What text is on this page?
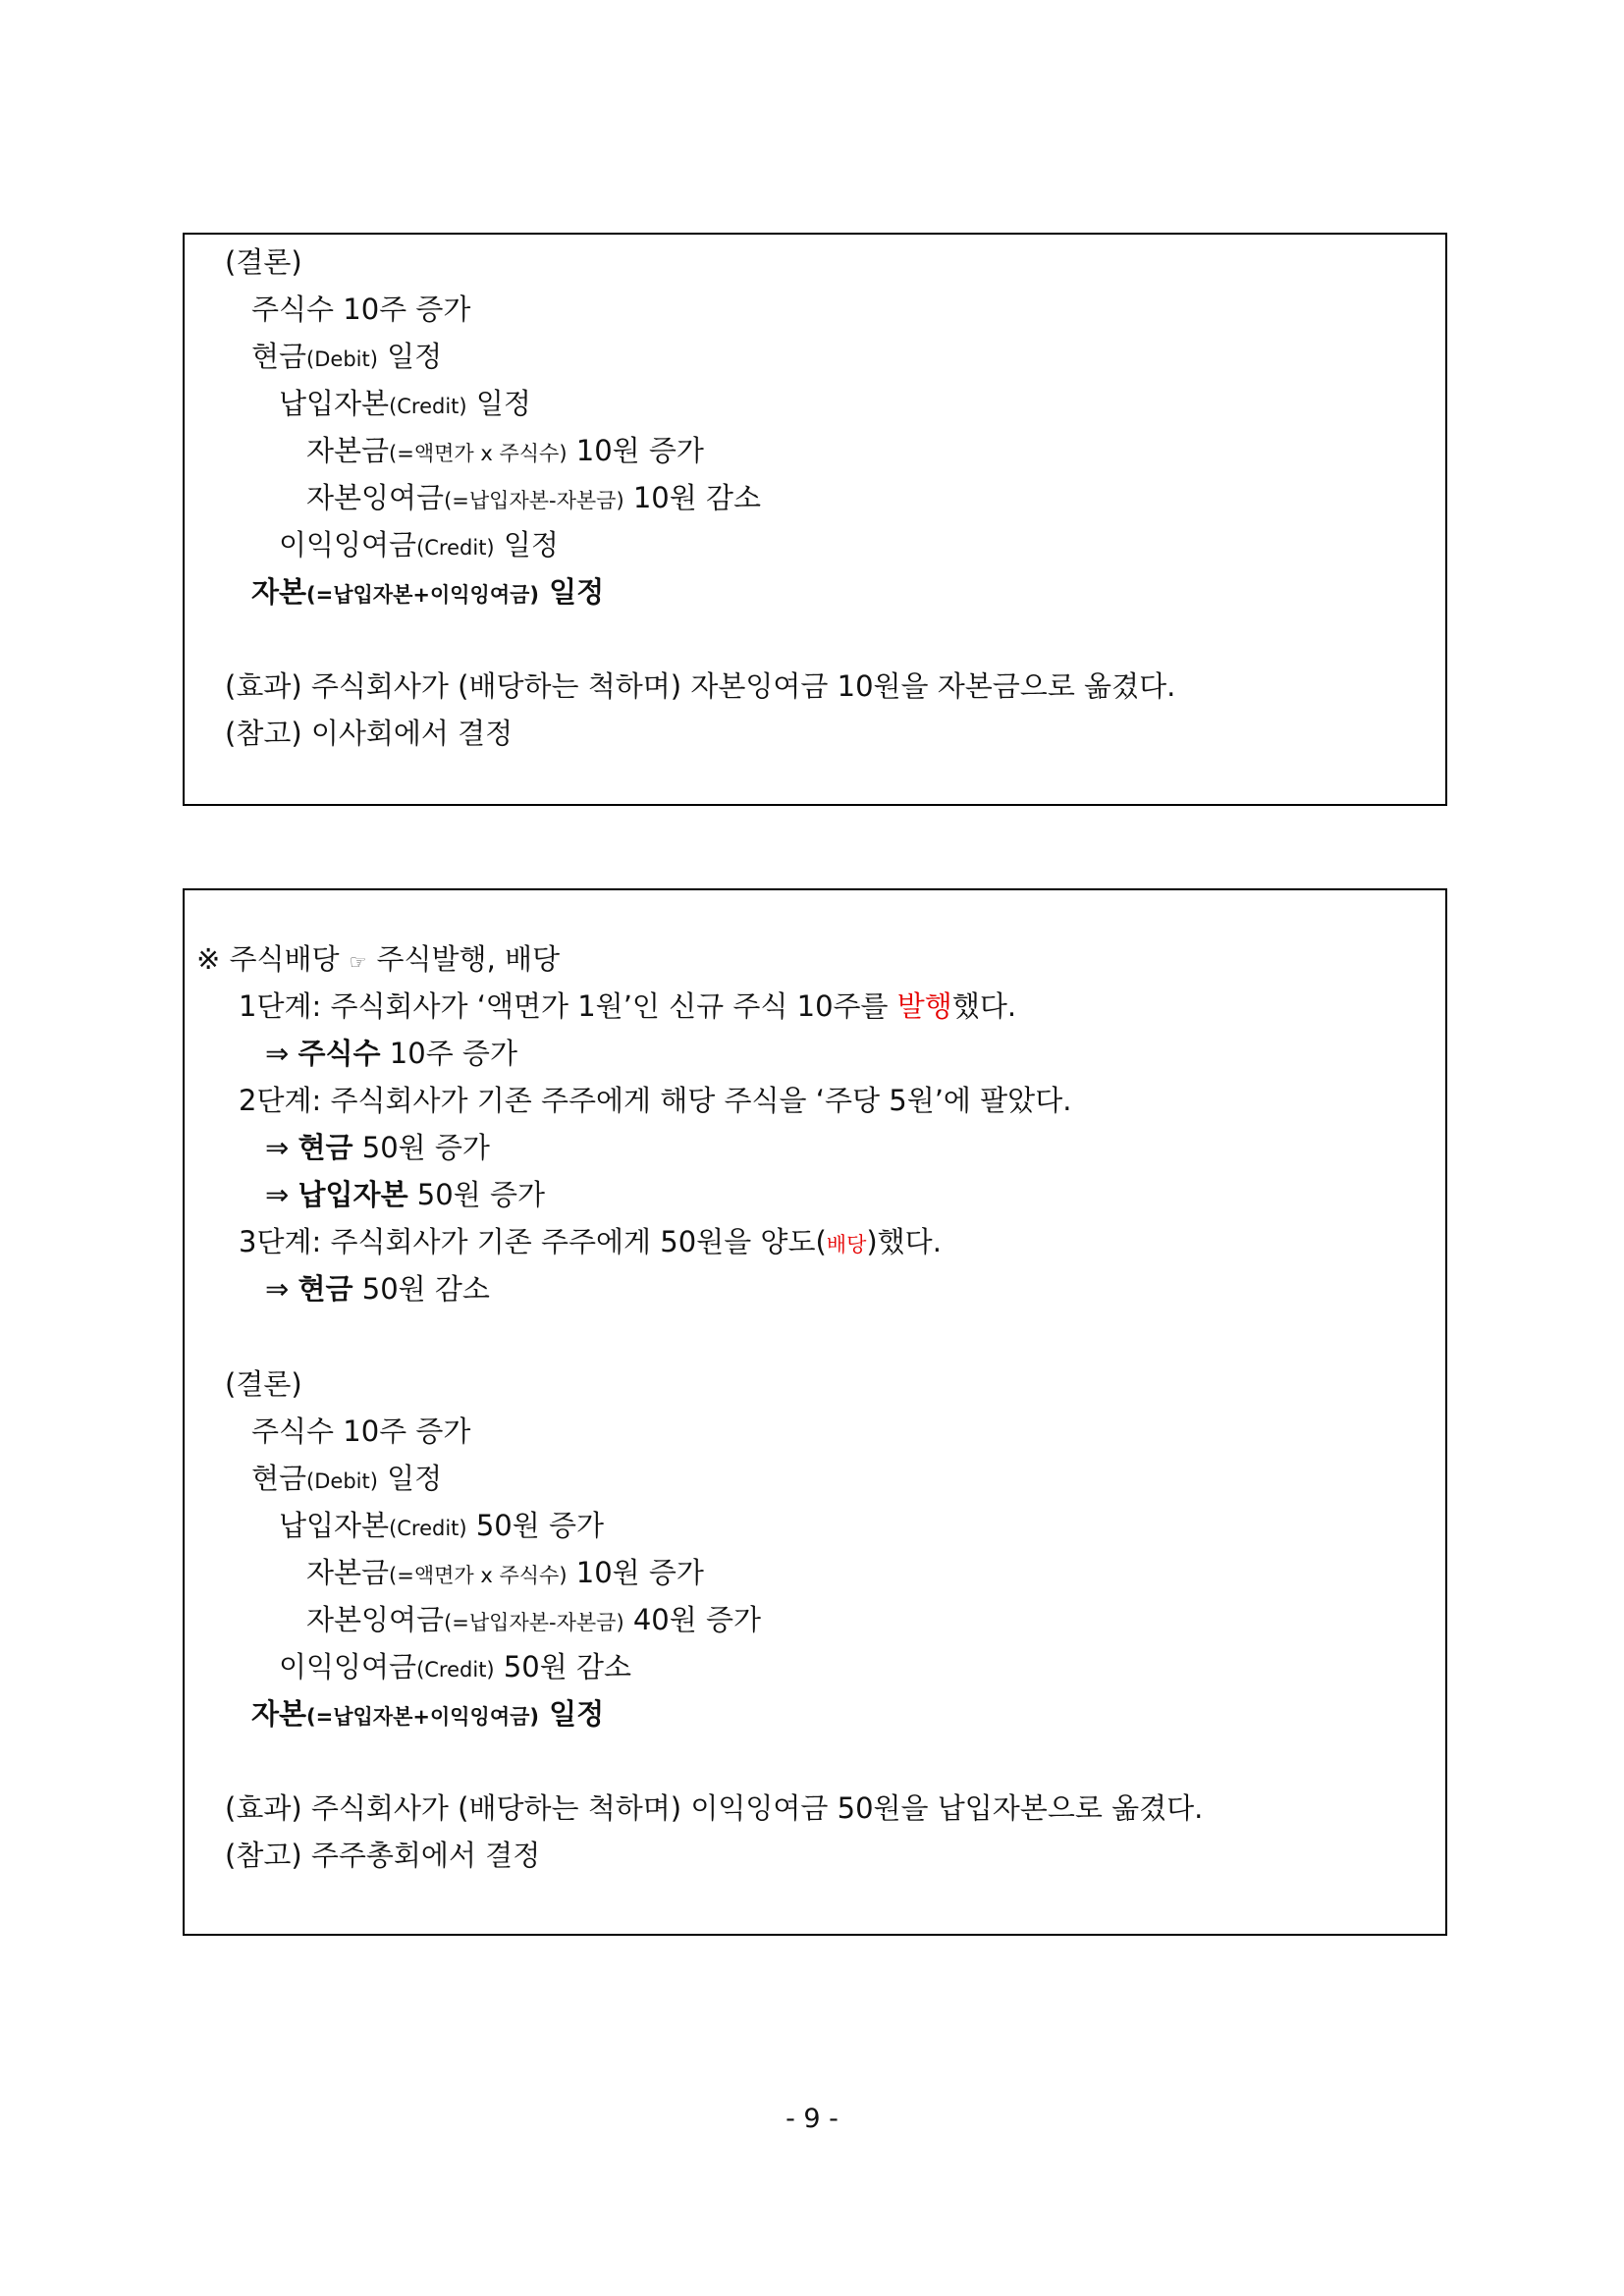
(결론)
주식수 10주 증가
현금(Debit) 일정
납입자본(Credit) 일정
자본금(=액면가 x 주식수) 10원 증가
자본잉여금(=납입자본-자본금) 10원 감소
이익잉여금(Credit) 일정
자본(=납입자본+이익잉여금) 일정
(효과) 주식회사가 (배당하는 척하며) 자본잉여금 10원을 자본금으로 옮겼다.
(참고) 이사회에서 결정
※ 주식배당 ☞ 주식발행, 배당
1단계: 주식회사가 ‘액면가 1원’인 신규 주식 10주를 발행했다.
⇒ 주식수 10주 증가
2단계: 주식회사가 기존 주주에게 해당 주식을 ‘주당 5원’에 팔았다.
⇒ 현금 50원 증가
⇒ 납입자본 50원 증가
3단계: 주식회사가 기존 주주에게 50원을 양도(배당)했다.
⇒ 현금 50원 감소
(결론)
주식수 10주 증가
현금(Debit) 일정
납입자본(Credit) 50원 증가
자본금(=액면가 x 주식수) 10원 증가
자본잉여금(=납입자본-자본금) 40원 증가
이익잉여금(Credit) 50원 감소
자본(=납입자본+이익잉여금) 일정
(효과) 주식회사가 (배당하는 척하며) 이익잉여금 50원을 납입자본으로 옮겼다.
(참고) 주주총회에서 결정
- 9 -
